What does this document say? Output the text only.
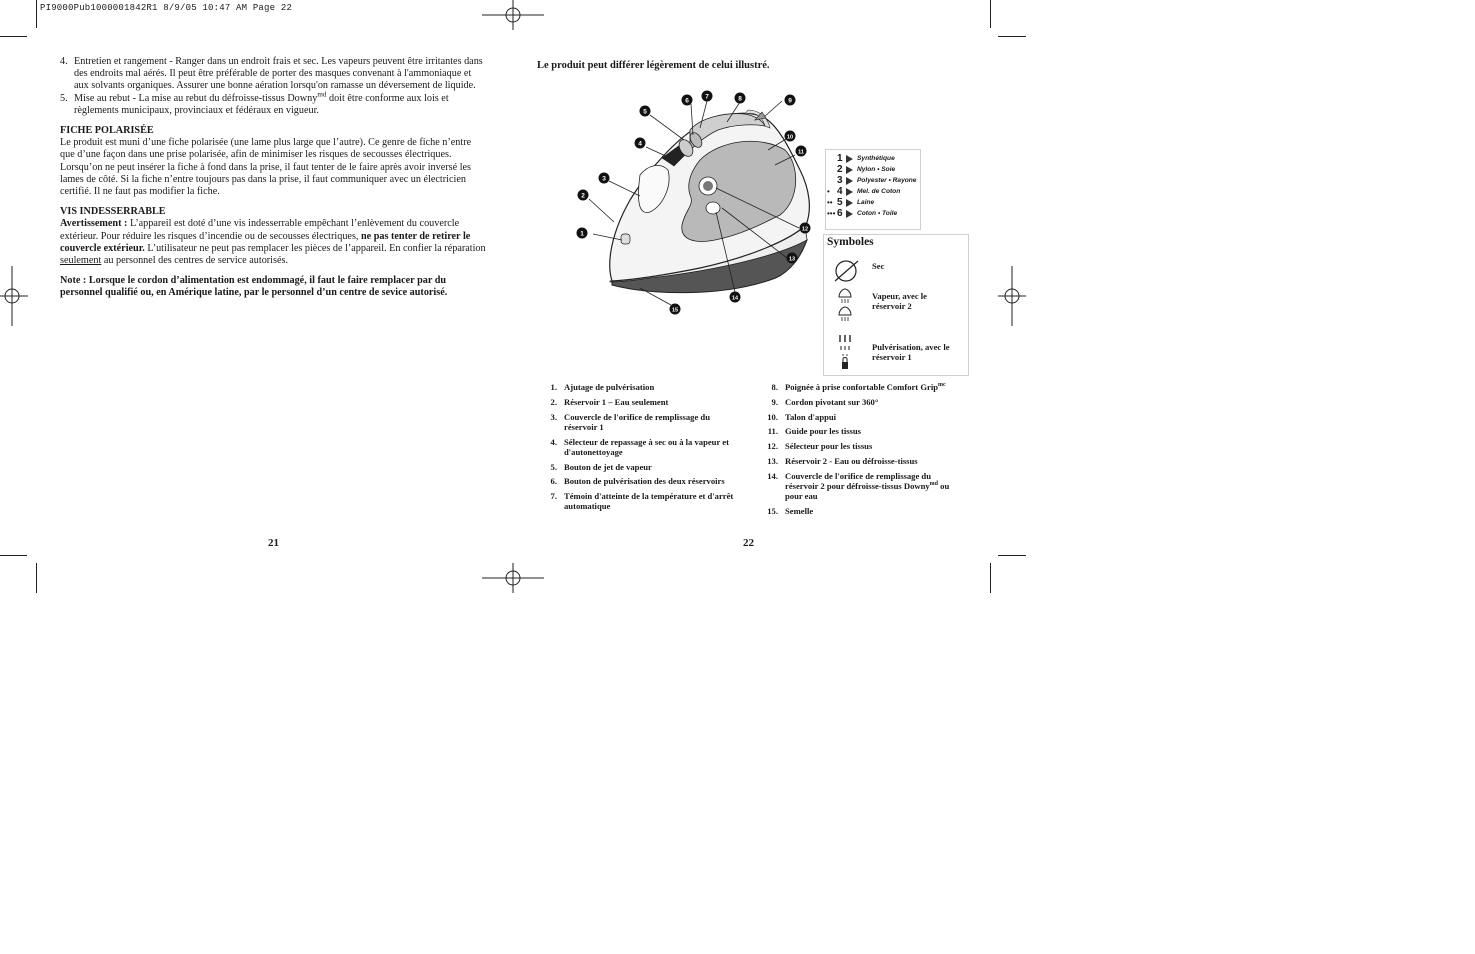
PI9000Pub1000001842R1 8/9/05 10:47 AM Page 22

4. Entretien et rangement - Ranger dans un endroit frais et sec. Les vapeurs peuvent être irritantes dans des endroits mal aérés. Il peut être préférable de porter des masques convenant à l'ammoniaque et aux solvants organiques. Assurer une bonne aération lorsqu'on ramasse un déversement de liquide.

5. Mise au rebut - La mise au rebut du défroisse-tissus Downy$^{md}$ doit être conforme aux lois et règlements municipaux, provinciaux et fédéraux en vigueur.

FICHE POLARISÉE

Le produit est muni d’une fiche polarisée (une lame plus large que l’autre). Ce genre de fiche n’entre que d’une façon dans une prise polarisée, afin de minimiser les risques de secousses électriques. Lorsqu’on ne peut insérer la fiche à fond dans la prise, il faut tenter de le faire après avoir inversé les lames de côté. Si la fiche n’entre toujours pas dans la prise, il faut communiquer avec un électricien certifié. Il ne faut pas modifier la fiche.

VIS INDESSERRABLE

Avertissement : L’appareil est doté d’une vis indesserrable empêchant l’enlèvement du couvercle extérieur. Pour réduire les risques d’incendie ou de secousses électriques, ne pas tenter de retirer le couvercle extérieur. L’utilisateur ne peut pas remplacer les pièces de l’appareil. En confier la réparation seulement au personnel des centres de service autorisés.

Note : Lorsque le cordon d’alimentation est endommagé, il faut le faire remplacer par du personnel qualifié ou, en Amérique latine, par le personnel d’un centre de sevice autorisé.

21
Le produit peut différer légèrement de celui illustré.
1
2
3
4
5
6
7	8	9
10
11
12
13
14
15
1 Synthétique
2 Nylon • Soie
3 Polyester • Rayone
• 4 Mel. de Coton
•• 5 Laine
••• 6 Coton • Toile
Symboles
Sec
Vapeur, avec le réservoir 2
Pulvérisation, avec le réservoir 1
1. Ajutage de pulvérisation
2. Réservoir 1 – Eau seulement
3. Couvercle de l'orifice de remplissage du réservoir 1
4. Sélecteur de repassage à sec ou à la vapeur et d'autonettoyage
5. Bouton de jet de vapeur
6. Bouton de pulvérisation des deux réservoirs
7. Témoin d'atteinte de la température et d'arrêt automatique
8. Poignée à prise confortable Comfort Grip$^{mc}$
9. Cordon pivotant sur 360°
10. Talon d'appui
11. Guide pour les tissus
12. Sélecteur pour les tissus
13. Réservoir 2 - Eau ou défroisse-tissus
14. Couvercle de l'orifice de remplissage du réservoir 2 pour défroisse-tissus Downy$^{md}$ ou pour eau
15. Semelle
22
